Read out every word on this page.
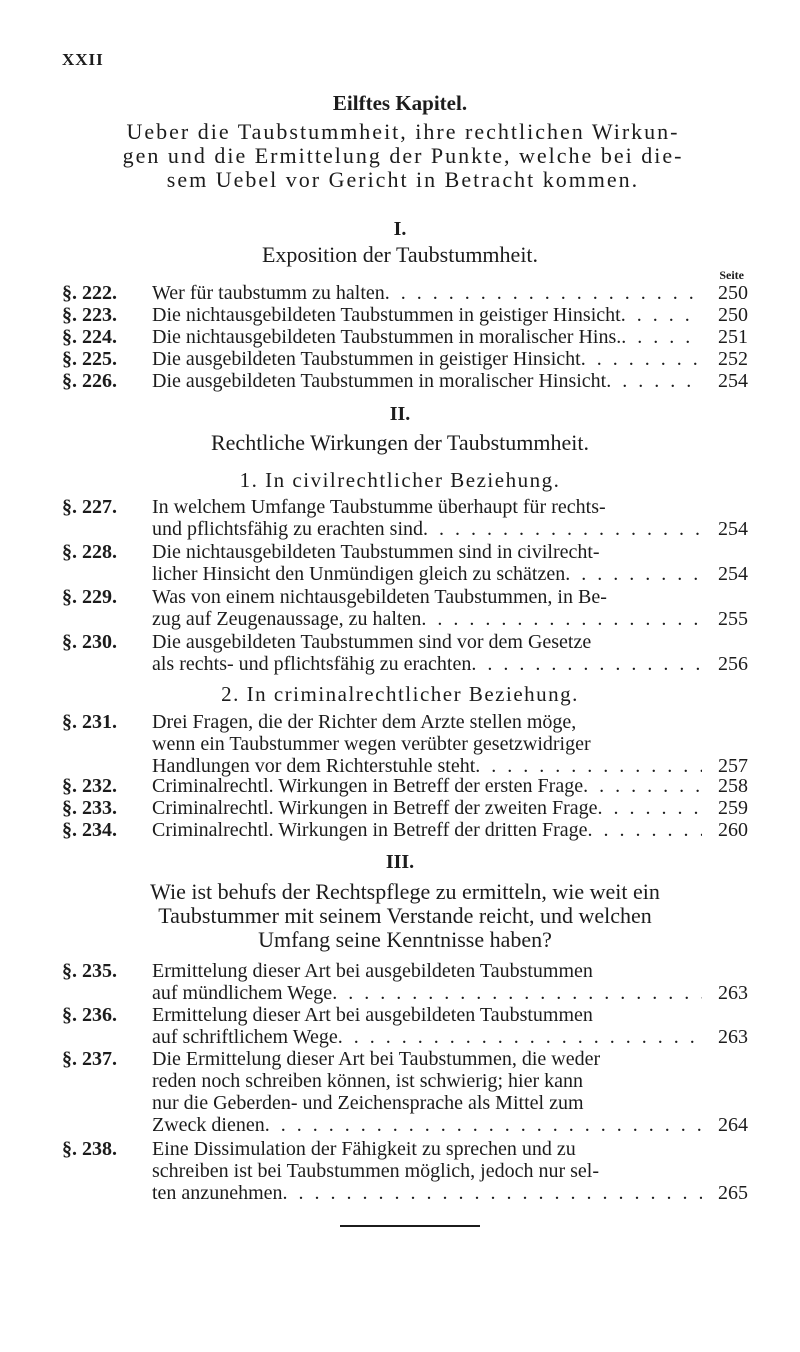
XXII
Eilftes Kapitel.
Ueber die Taubstummheit, ihre rechtlichen Wirkun-
gen und die Ermittelung der Punkte, welche bei die-
sem Uebel vor Gericht in Betracht kommen.
I.
Exposition der Taubstummheit.
Seite
§. 222.	Wer für taubstumm zu halten . . .	250
§. 223.	Die nichtausgebildeten Taubstummen in geistiger Hinsicht . . .	250
§. 224.	Die nichtausgebildeten Taubstummen in moralischer Hins. . . .	251
§. 225.	Die ausgebildeten Taubstummen in geistiger Hinsicht . . .	252
§. 226.	Die ausgebildeten Taubstummen in moralischer Hinsicht . . .	254
II.
Rechtliche Wirkungen der Taubstummheit.
1. In civilrechtlicher Beziehung.
§. 227.	In welchem Umfange Taubstumme überhaupt für rechts-
und pflichtsfähig zu erachten sind . . .	254
§. 228.	Die nichtausgebildeten Taubstummen sind in civilrecht-
licher Hinsicht den Unmündigen gleich zu schätzen . . .	254
§. 229.	Was von einem nichtausgebildeten Taubstummen, in Be-
zug auf Zeugenaussage, zu halten . . .	255
§. 230.	Die ausgebildeten Taubstummen sind vor dem Gesetze
als rechts- und pflichtsfähig zu erachten . . .	256
2. In criminalrechtlicher Beziehung.
§. 231.	Drei Fragen, die der Richter dem Arzte stellen möge,
wenn ein Taubstummer wegen verübter gesetzwidriger
Handlungen vor dem Richterstuhle steht . . .	257
§. 232.	Criminalrechtl. Wirkungen in Betreff der ersten Frage . . .	258
§. 233.	Criminalrechtl. Wirkungen in Betreff der zweiten Frage . . .	259
§. 234.	Criminalrechtl. Wirkungen in Betreff der dritten Frage . . .	260
III.
Wie ist behufs der Rechtspflege zu ermitteln, wie weit ein
Taubstummer mit seinem Verstande reicht, und welchen
Umfang seine Kenntnisse haben?
§. 235.	Ermittelung dieser Art bei ausgebildeten Taubstummen
auf mündlichem Wege . . .	263
§. 236.	Ermittelung dieser Art bei ausgebildeten Taubstummen
auf schriftlichem Wege . . .	263
§. 237.	Die Ermittelung dieser Art bei Taubstummen, die weder
reden noch schreiben können, ist schwierig; hier kann
nur die Geberden- und Zeichensprache als Mittel zum
Zweck dienen . . .	264
§. 238.	Eine Dissimulation der Fähigkeit zu sprechen und zu
schreiben ist bei Taubstummen möglich, jedoch nur sel-
ten anzunehmen . . .	265
